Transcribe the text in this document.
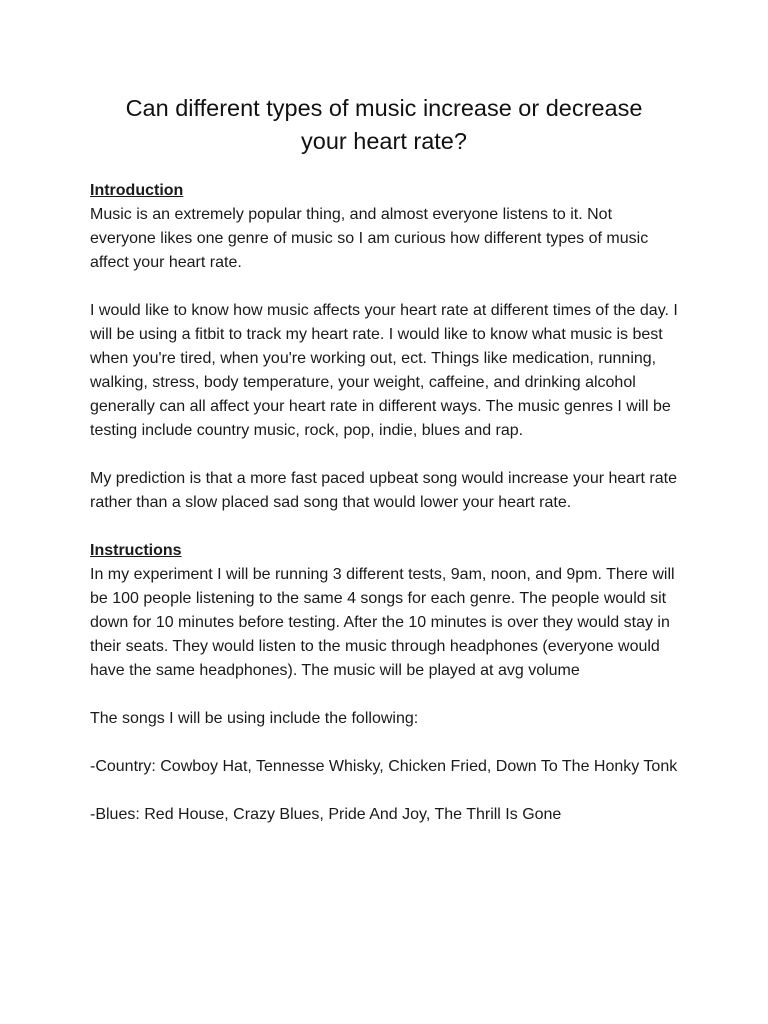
Can different types of music increase or decrease
your heart rate?
Introduction

Music is an extremely popular thing, and almost everyone listens to it. Not everyone likes one genre of music so I am curious how different types of music affect your heart rate.

I would like to know how music affects your heart rate at different times of the day. I will be using a fitbit to track my heart rate. I would like to know what music is best when you're tired, when you're working out, ect. Things like medication, running, walking, stress, body temperature, your weight, caffeine, and drinking alcohol generally can all affect your heart rate in different ways. The music genres I will be testing include country music, rock, pop, indie, blues and rap.

My prediction is that a more fast paced upbeat song would increase your heart rate rather than a slow placed sad song that would lower your heart rate.

Instructions

In my experiment I will be running 3 different tests, 9am, noon, and 9pm. There will be 100 people listening to the same 4 songs for each genre. The people would sit down for 10 minutes before testing. After the 10 minutes is over they would stay in their seats. They would listen to the music through headphones (everyone would have the same headphones). The music will be played at avg volume

The songs I will be using include the following:

-Country: Cowboy Hat, Tennesse Whisky, Chicken Fried, Down To The Honky Tonk

-Blues: Red House, Crazy Blues, Pride And Joy, The Thrill Is Gone
